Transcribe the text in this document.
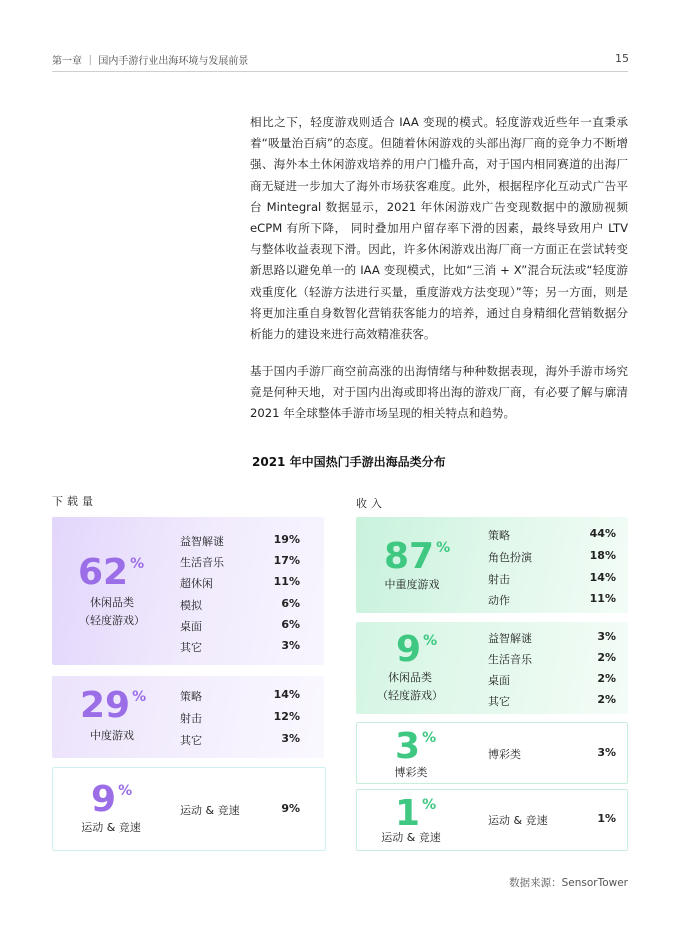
第一章 ｜ 国内手游行业出海环境与发展前景	15

相比之下，轻度游戏则适合 IAA 变现的模式。轻度游戏近些年一直秉承着“吸量治百病”的态度。但随着休闲游戏的头部出海厂商的竞争力不断增强、海外本土休闲游戏培养的用户门槛升高，对于国内相同赛道的出海厂商无疑进一步加大了海外市场获客难度。此外，根据程序化互动式广告平台 Mintegral 数据显示，2021 年休闲游戏广告变现数据中的激励视频 eCPM 有所下降， 同时叠加用户留存率下滑的因素，最终导致用户 LTV 与整体收益表现下滑。因此，许多休闲游戏出海厂商一方面正在尝试转变新思路以避免单一的 IAA 变现模式，比如“三消 + X”混合玩法或“轻度游戏重度化（轻游方法进行买量，重度游戏方法变现）”等；另一方面，则是将更加注重自身数智化营销获客能力的培养，通过自身精细化营销数据分析能力的建设来进行高效精准获客。

基于国内手游厂商空前高涨的出海情绪与种种数据表现，海外手游市场究竟是何种天地，对于国内出海或即将出海的游戏厂商，有必要了解与廓清 2021 年全球整体手游市场呈现的相关特点和趋势。

2021 年中国热门手游出海品类分布
下载量	收入
62 %
休闲品类
（轻度游戏）
益智解谜	19%
生活音乐	17%
超休闲	11%
模拟	6%
桌面	6%
其它	3%
29 %
中度游戏
策略	14%
射击	12%
其它	3%
9 %
运动 & 竞速
运动 & 竞速	9%
87 %
中重度游戏
策略	44%
角色扮演	18%
射击	14%
动作	11%
9 %
休闲品类
（轻度游戏）
益智解谜	3%
生活音乐	2%
桌面	2%
其它	2%
3 %
博彩类
博彩类	3%
1 %
运动 & 竞速
运动 & 竞速	1%
数据来源：SensorTower
